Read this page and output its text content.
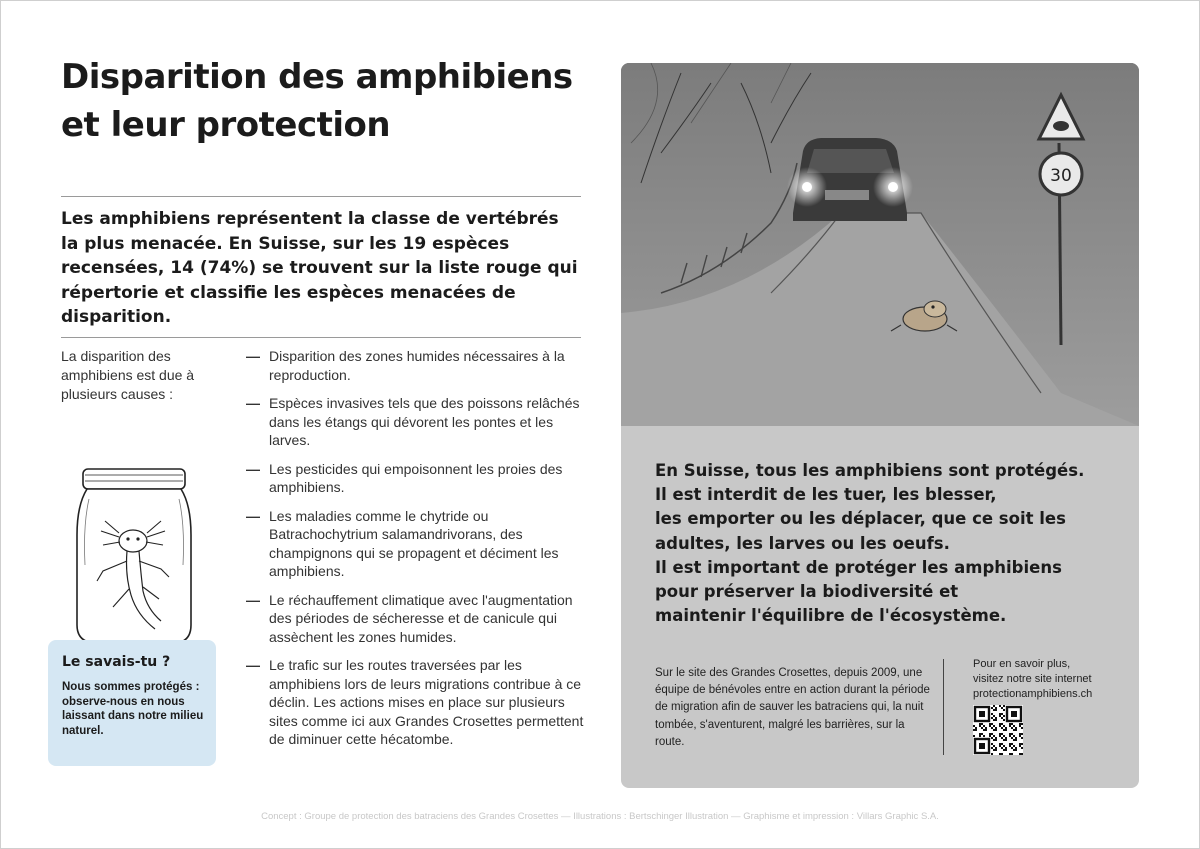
Disparition des amphibiens
et leur protection
Les amphibiens représentent la classe de vertébrés la plus menacée. En Suisse, sur les 19 espèces recensées, 14 (74%) se trouvent sur la liste rouge qui répertorie et classifie les espèces menacées de disparition.
La disparition des amphibiens est due à plusieurs causes :
— Disparition des zones humides nécessaires à la reproduction.
— Espèces invasives tels que des poissons relâchés dans les étangs qui dévorent les pontes et les larves.
— Les pesticides qui empoisonnent les proies des amphibiens.
— Les maladies comme le chytride ou Batrachochytrium salamandrivorans, des champignons qui se propagent et déciment les amphibiens.
— Le réchauffement climatique avec l'augmentation des périodes de sécheresse et de canicule qui assèchent les zones humides.
— Le trafic sur les routes traversées par les amphibiens lors de leurs migrations contribue à ce déclin. Les actions mises en place sur plusieurs sites comme ici aux Grandes Crosettes permettent de diminuer cette hécatombe.
Le savais-tu ?
Nous sommes protégés : observe-nous en nous laissant dans notre milieu naturel.
30
En Suisse, tous les amphibiens sont protégés.
Il est interdit de les tuer, les blesser,
les emporter ou les déplacer, que ce soit les
adultes, les larves ou les oeufs.
Il est important de protéger les amphibiens
pour préserver la biodiversité et
maintenir l'équilibre de l'écosystème.
Sur le site des Grandes Crosettes, depuis 2009, une équipe de bénévoles entre en action durant la période de migration afin de sauver les batraciens qui, la nuit tombée, s'aventurent, malgré les barrières, sur la route.
Pour en savoir plus,
visitez notre site internet
protectionamphibiens.ch
Concept : Groupe de protection des batraciens des Grandes Crosettes — Illustrations : Bertschinger Illustration — Graphisme et impression : Villars Graphic S.A.
